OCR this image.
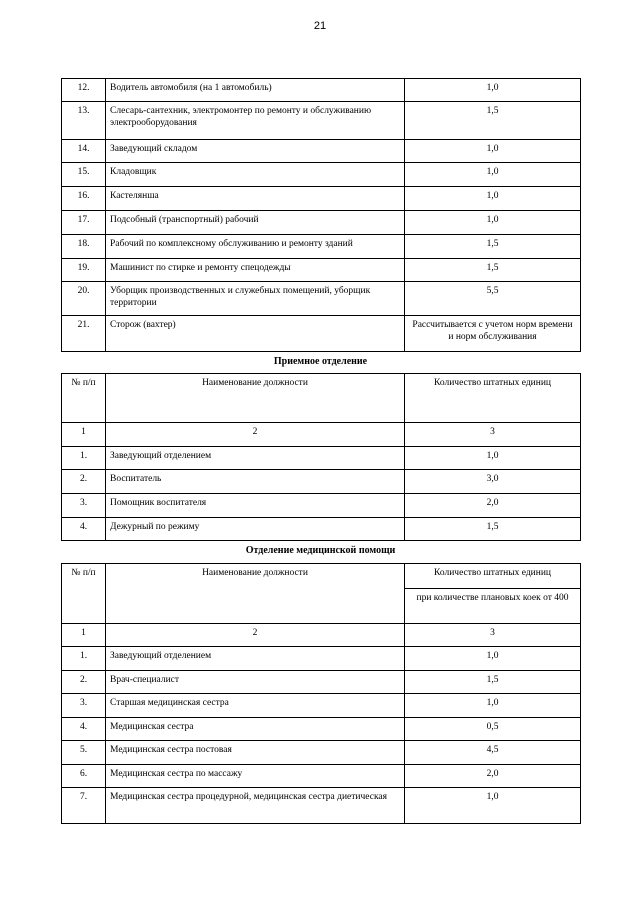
21
12.	Водитель автомобиля (на 1 автомобиль)	1,0
13.	Слесарь-сантехник, электромонтер по ремонту и обслуживанию электрооборудования	1,5
14.	Заведующий складом	1,0
15.	Кладовщик	1,0
16.	Кастелянша	1,0
17.	Подсобный (транспортный) рабочий	1,0
18.	Рабочий по комплексному обслуживанию и ремонту зданий	1,5
19.	Машинист по стирке и ремонту спецодежды	1,5
20.	Уборщик производственных и служебных помещений, уборщик территории	5,5
21.	Сторож (вахтер)	Рассчитывается с учетом норм времени и норм обслуживания
Приемное отделение
№ п/п	Наименование должности	Количество штатных единиц
1	2	3
1.	Заведующий отделением	1,0
2.	Воспитатель	3,0
3.	Помощник воспитателя	2,0
4.	Дежурный по режиму	1,5
Отделение медицинской помощи
№ п/п	Наименование должности	Количество штатных единиц
		при количестве плановых коек от 400
1	2	3
1.	Заведующий отделением	1,0
2.	Врач-специалист	1,5
3.	Старшая медицинская сестра	1,0
4.	Медицинская сестра	0,5
5.	Медицинская сестра постовая	4,5
6.	Медицинская сестра по массажу	2,0
7.	Медицинская сестра процедурной, медицинская сестра диетическая	1,0
